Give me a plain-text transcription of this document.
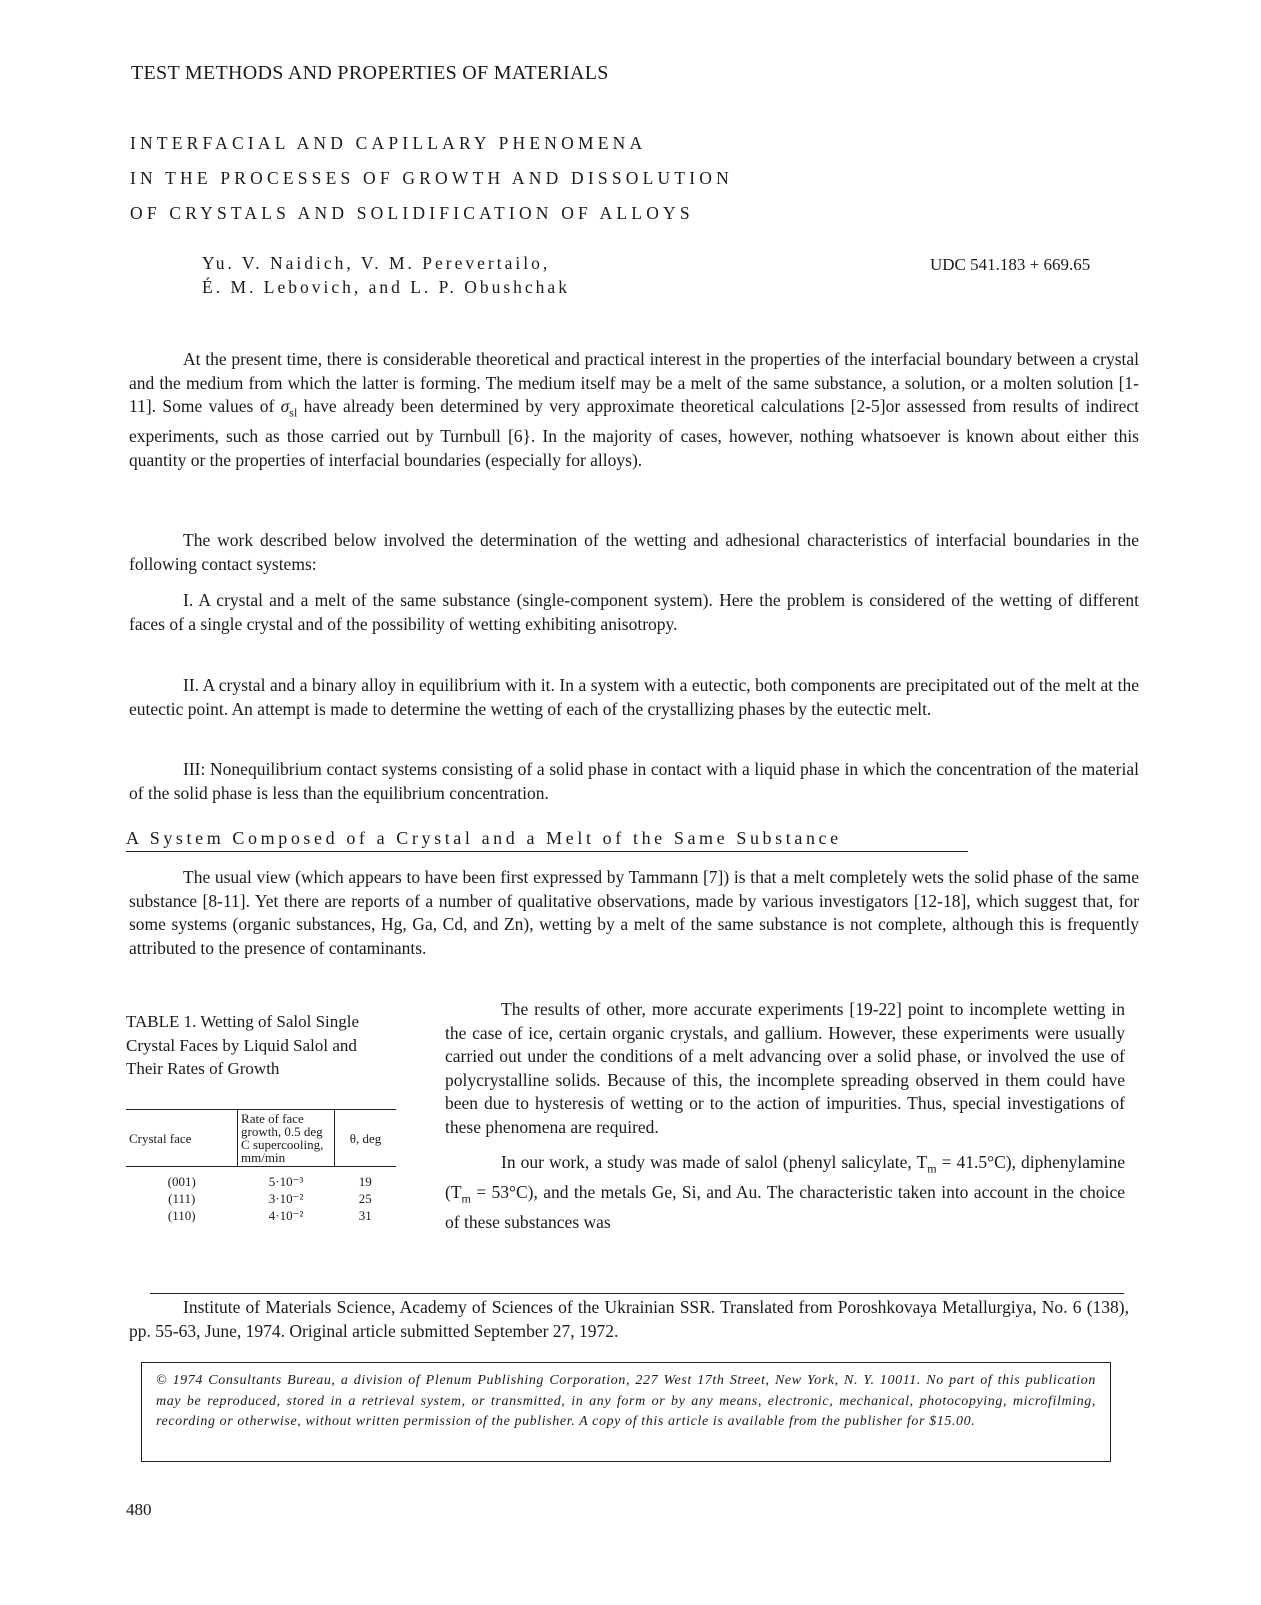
TEST METHODS AND PROPERTIES OF MATERIALS
INTERFACIAL AND CAPILLARY PHENOMENA
IN THE PROCESSES OF GROWTH AND DISSOLUTION
OF CRYSTALS AND SOLIDIFICATION OF ALLOYS
Yu. V. Naidich, V. M. Perevertailo,
É. M. Lebovich, and L. P. Obushchak
UDC 541.183 + 669.65

At the present time, there is considerable theoretical and practical interest in the properties of the interfacial boundary between a crystal and the medium from which the latter is forming. The medium itself may be a melt of the same substance, a solution, or a molten solution [1-11]. Some values of $\sigma_{sl}$ have already been determined by very approximate theoretical calculations [2-5]or assessed from results of indirect experiments, such as those carried out by Turnbull [6}. In the majority of cases, however, nothing whatsoever is known about either this quantity or the properties of interfacial boundaries (especially for alloys).

The work described below involved the determination of the wetting and adhesional characteristics of interfacial boundaries in the following contact systems:

I. A crystal and a melt of the same substance (single-component system). Here the problem is considered of the wetting of different faces of a single crystal and of the possibility of wetting exhibiting anisotropy.

II. A crystal and a binary alloy in equilibrium with it. In a system with a eutectic, both components are precipitated out of the melt at the eutectic point. An attempt is made to determine the wetting of each of the crystallizing phases by the eutectic melt.

III: Nonequilibrium contact systems consisting of a solid phase in contact with a liquid phase in which the concentration of the material of the solid phase is less than the equilibrium concentration.

A System Composed of a Crystal and a Melt of the Same Substance

The usual view (which appears to have been first expressed by Tammann [7]) is that a melt completely wets the solid phase of the same substance [8-11]. Yet there are reports of a number of qualitative observations, made by various investigators [12-18], which suggest that, for some systems (organic substances, Hg, Ga, Cd, and Zn), wetting by a melt of the same substance is not complete, although this is frequently attributed to the presence of contaminants.

TABLE 1. Wetting of Salol Single Crystal Faces by Liquid Salol and Their Rates of Growth
Crystal face	Rate of face growth, 0.5 deg C supercooling, mm/min	θ, deg
(001)	5·10⁻³	19
(111)	3·10⁻²	25
(110)	4·10⁻²	31

The results of other, more accurate experiments [19-22] point to incomplete wetting in the case of ice, certain organic crystals, and gallium. However, these experiments were usually carried out under the conditions of a melt advancing over a solid phase, or involved the use of polycrystalline solids. Because of this, the incomplete spreading observed in them could have been due to hysteresis of wetting or to the action of impurities. Thus, special investigations of these phenomena are required.

In our work, a study was made of salol (phenyl salicylate, $T_m = 41.5^\circ C$), diphenylamine $(T_m = 53^\circ C)$, and the metals Ge, Si, and Au. The characteristic taken into account in the choice of these substances was

Institute of Materials Science, Academy of Sciences of the Ukrainian SSR. Translated from Poroshkovaya Metallurgiya, No. 6 (138), pp. 55-63, June, 1974. Original article submitted September 27, 1972.

© 1974 Consultants Bureau, a division of Plenum Publishing Corporation, 227 West 17th Street, New York, N. Y. 10011. No part of this publication may be reproduced, stored in a retrieval system, or transmitted, in any form or by any means, electronic, mechanical, photocopying, microfilming, recording or otherwise, without written permission of the publisher. A copy of this article is available from the publisher for $15.00.
480
